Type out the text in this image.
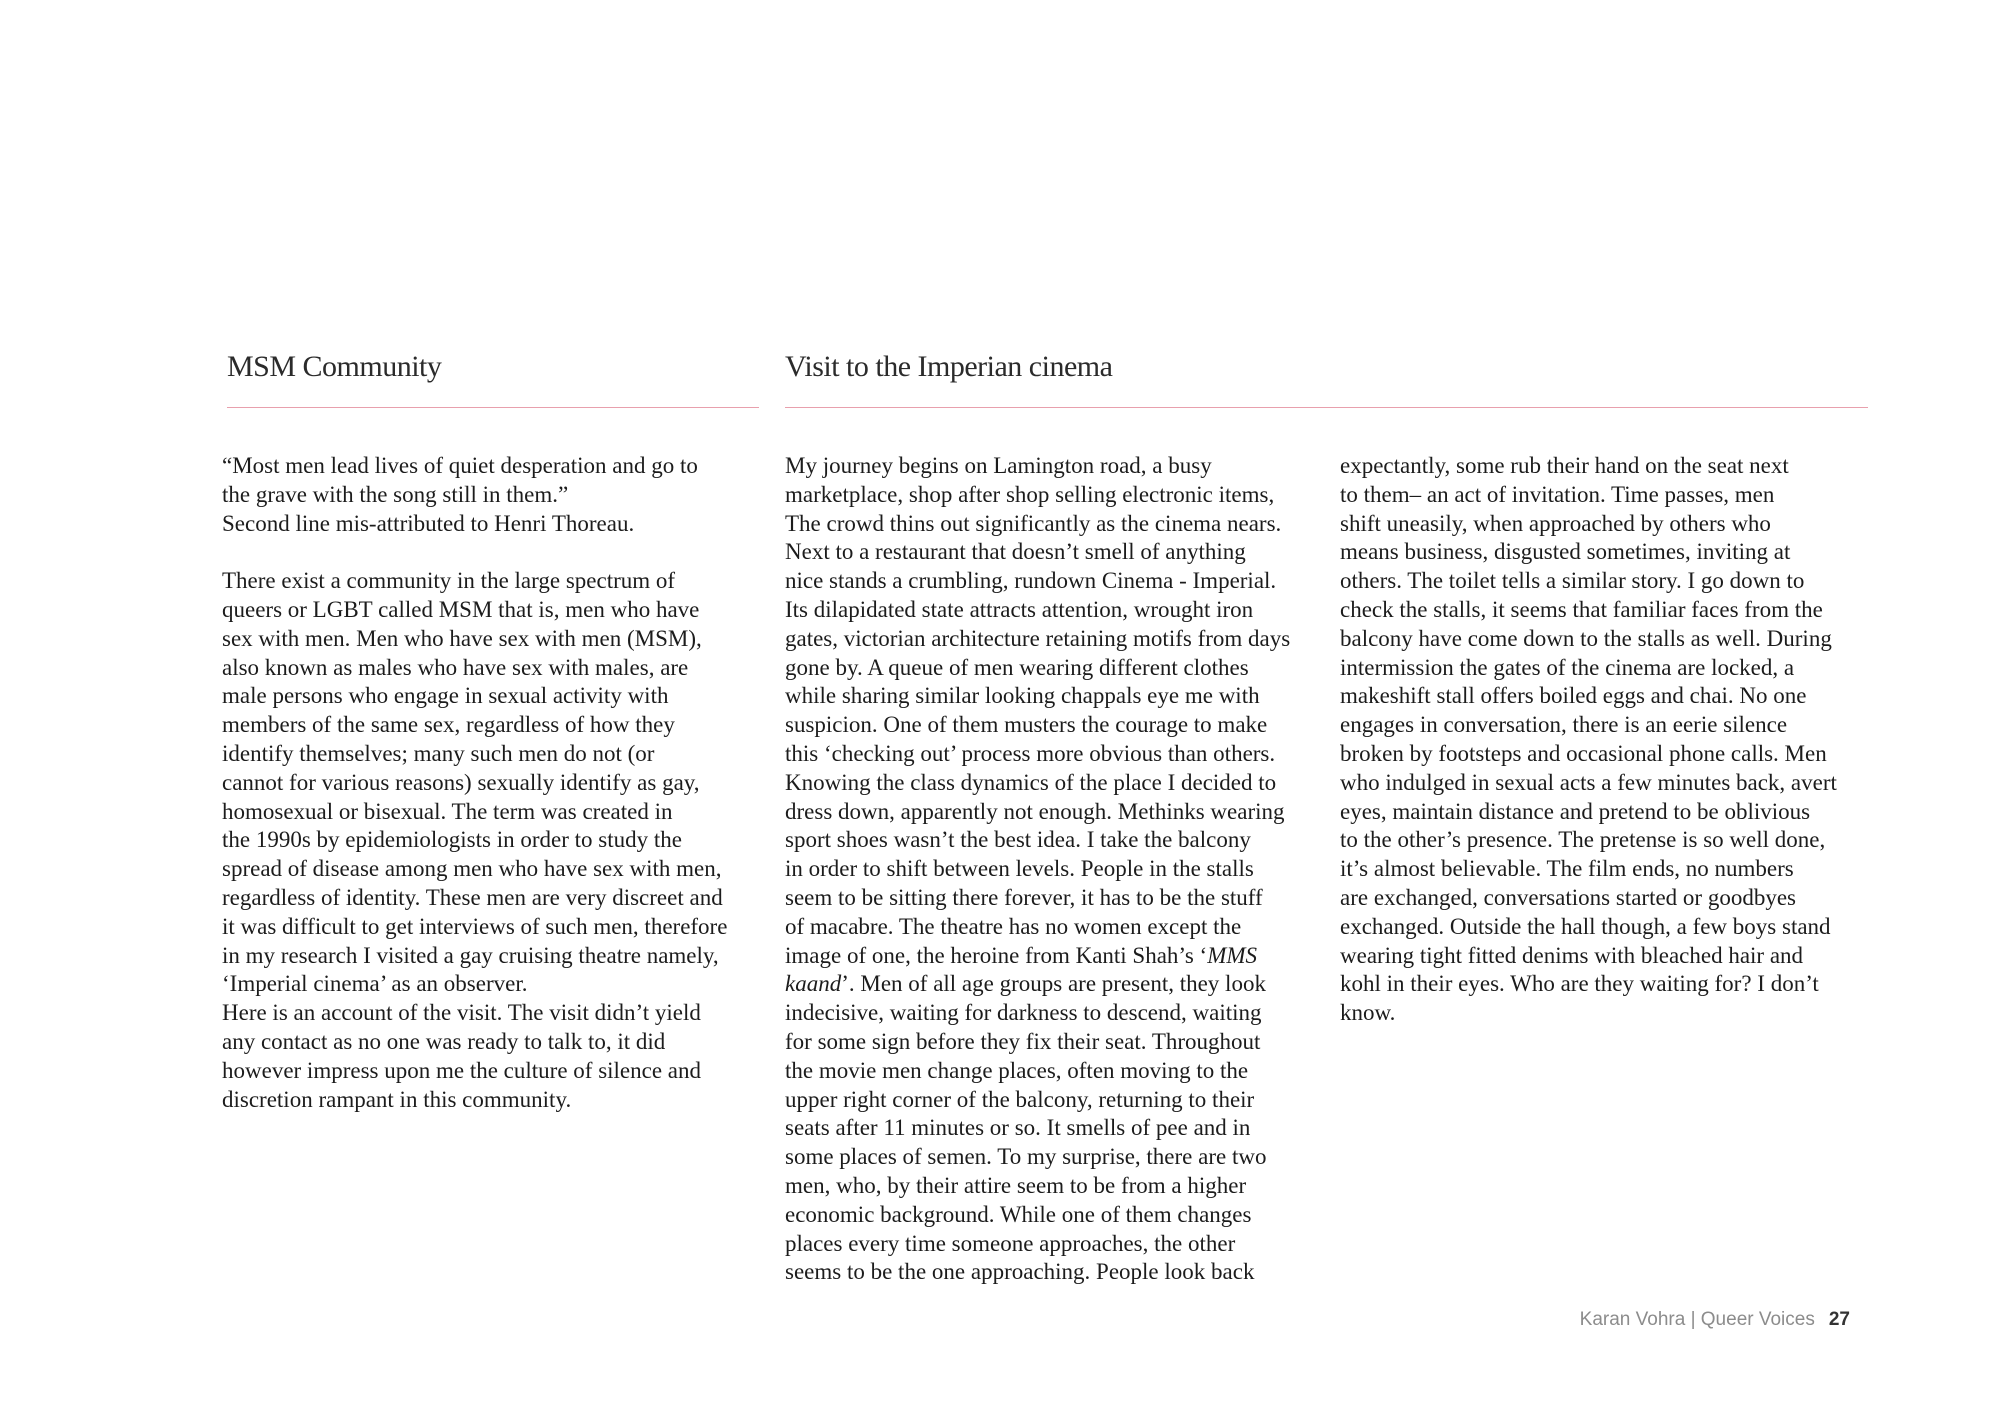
MSM Community	Visit to the Imperian cinema

“Most men lead lives of quiet desperation and go to
the grave with the song still in them.”
Second line mis-attributed to Henri Thoreau.

There exist a community in the large spectrum of
queers or LGBT called MSM that is, men who have
sex with men. Men who have sex with men (MSM),
also known as males who have sex with males, are
male persons who engage in sexual activity with
members of the same sex, regardless of how they
identify themselves; many such men do not (or
cannot for various reasons) sexually identify as gay,
homosexual or bisexual. The term was created in
the 1990s by epidemiologists in order to study the
spread of disease among men who have sex with men,
regardless of identity. These men are very discreet and
it was difficult to get interviews of such men, therefore
in my research I visited a gay cruising theatre namely,
‘Imperial cinema’ as an observer.

Here is an account of the visit. The visit didn’t yield
any contact as no one was ready to talk to, it did
however impress upon me the culture of silence and
discretion rampant in this community.

My journey begins on Lamington road, a busy
marketplace, shop after shop selling electronic items,
The crowd thins out significantly as the cinema nears.
Next to a restaurant that doesn’t smell of anything
nice stands a crumbling, rundown Cinema - Imperial.
Its dilapidated state attracts attention, wrought iron
gates, victorian architecture retaining motifs from days
gone by. A queue of men wearing different clothes
while sharing similar looking chappals eye me with
suspicion. One of them musters the courage to make
this ‘checking out’ process more obvious than others.
Knowing the class dynamics of the place I decided to
dress down, apparently not enough. Methinks wearing
sport shoes wasn’t the best idea. I take the balcony
in order to shift between levels. People in the stalls
seem to be sitting there forever, it has to be the stuff
of macabre. The theatre has no women except the
image of one, the heroine from Kanti Shah’s ‘MMS
kaand’. Men of all age groups are present, they look
indecisive, waiting for darkness to descend, waiting
for some sign before they fix their seat. Throughout
the movie men change places, often moving to the
upper right corner of the balcony, returning to their
seats after 11 minutes or so. It smells of pee and in
some places of semen. To my surprise, there are two
men, who, by their attire seem to be from a higher
economic background. While one of them changes
places every time someone approaches, the other
seems to be the one approaching. People look back

expectantly, some rub their hand on the seat next
to them– an act of invitation. Time passes, men
shift uneasily, when approached by others who
means business, disgusted sometimes, inviting at
others. The toilet tells a similar story. I go down to
check the stalls, it seems that familiar faces from the
balcony have come down to the stalls as well. During
intermission the gates of the cinema are locked, a
makeshift stall offers boiled eggs and chai. No one
engages in conversation, there is an eerie silence
broken by footsteps and occasional phone calls. Men
who indulged in sexual acts a few minutes back, avert
eyes, maintain distance and pretend to be oblivious
to the other’s presence. The pretense is so well done,
it’s almost believable. The film ends, no numbers
are exchanged, conversations started or goodbyes
exchanged. Outside the hall though, a few boys stand
wearing tight fitted denims with bleached hair and
kohl in their eyes. Who are they waiting for? I don’t
know.

Karan Vohra | Queer Voices 27
